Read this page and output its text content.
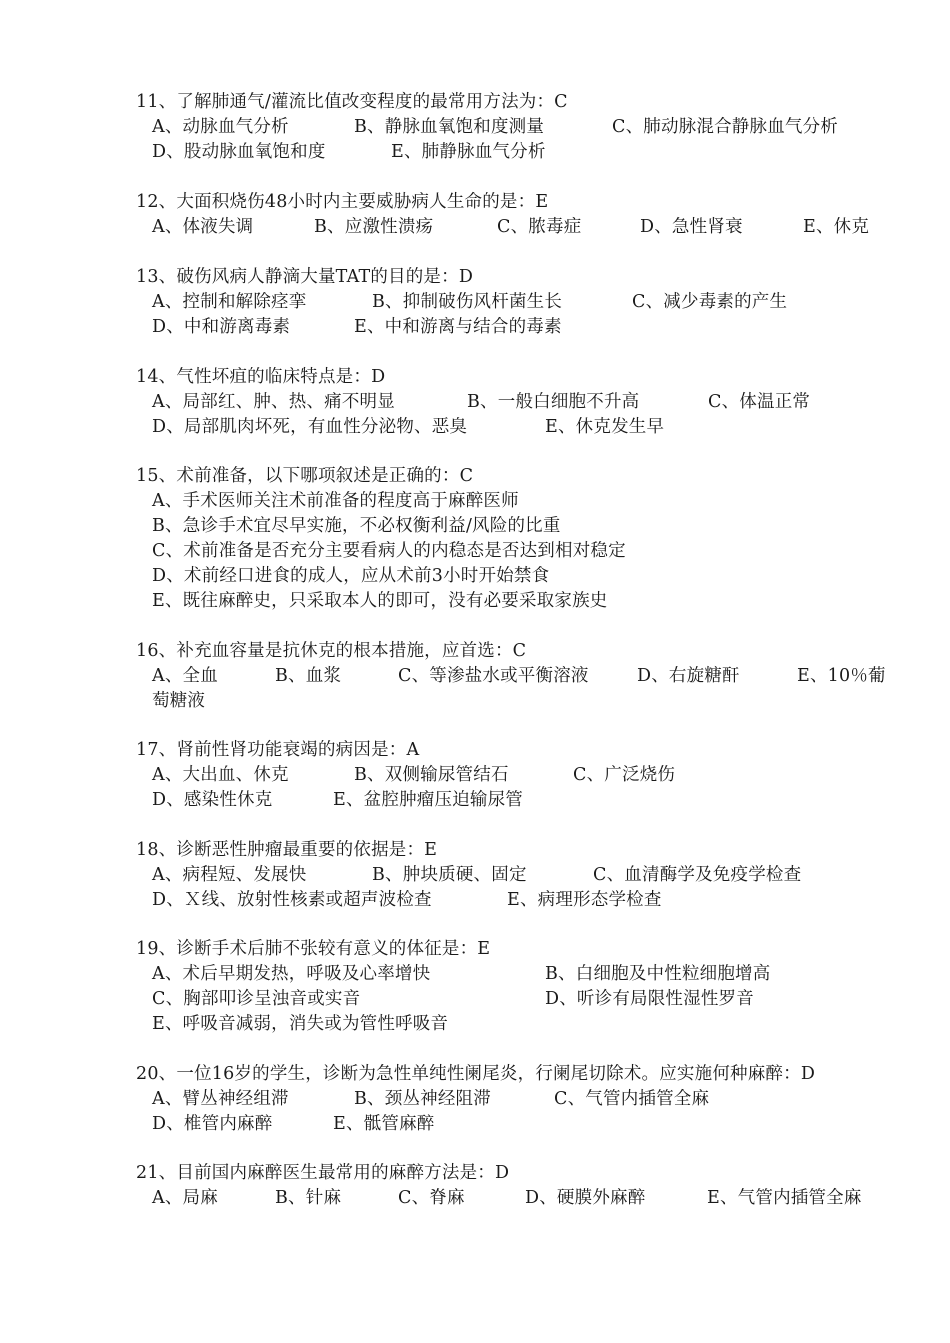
11、了解肺通气/灌流比值改变程度的最常用方法为：C
A、动脉血气分析	B、静脉血氧饱和度测量	C、肺动脉混合静脉血气分析
D、股动脉血氧饱和度	E、肺静脉血气分析
12、大面积烧伤48小时内主要威胁病人生命的是：E
A、体液失调	B、应激性溃疡	C、脓毒症	D、急性肾衰	E、休克
13、破伤风病人静滴大量TAT的目的是：D
A、控制和解除痉挛	B、抑制破伤风杆菌生长	C、减少毒素的产生
D、中和游离毒素	E、中和游离与结合的毒素
14、气性坏疽的临床特点是：D
A、局部红、肿、热、痛不明显	B、一般白细胞不升高	C、体温正常
D、局部肌肉坏死，有血性分泌物、恶臭	E、休克发生早
15、术前准备，以下哪项叙述是正确的：C
A、手术医师关注术前准备的程度高于麻醉医师
B、急诊手术宜尽早实施，不必权衡利益/风险的比重
C、术前准备是否充分主要看病人的内稳态是否达到相对稳定
D、术前经口进食的成人，应从术前3小时开始禁食
E、既往麻醉史，只采取本人的即可，没有必要采取家族史
16、补充血容量是抗休克的根本措施，应首选：C
A、全血	B、血浆	C、等渗盐水或平衡溶液	D、右旋糖酐	E、10％葡
萄糖液
17、肾前性肾功能衰竭的病因是：A
A、大出血、休克	B、双侧输尿管结石	C、广泛烧伤
D、感染性休克	E、盆腔肿瘤压迫输尿管
18、诊断恶性肿瘤最重要的依据是：E
A、病程短、发展快	B、肿块质硬、固定	C、血清酶学及免疫学检查
D、Ｘ线、放射性核素或超声波检查	E、病理形态学检查
19、诊断手术后肺不张较有意义的体征是：E
A、术后早期发热，呼吸及心率增快	B、白细胞及中性粒细胞增高
C、胸部叩诊呈浊音或实音	D、听诊有局限性湿性罗音
E、呼吸音减弱，消失或为管性呼吸音
20、一位16岁的学生，诊断为急性单纯性阑尾炎，行阑尾切除术。应实施何种麻醉：D
A、臂丛神经组滞	B、颈丛神经阻滞	C、气管内插管全麻
D、椎管内麻醉	E、骶管麻醉
21、目前国内麻醉医生最常用的麻醉方法是：D
A、局麻	B、针麻	C、脊麻	D、硬膜外麻醉	E、气管内插管全麻
